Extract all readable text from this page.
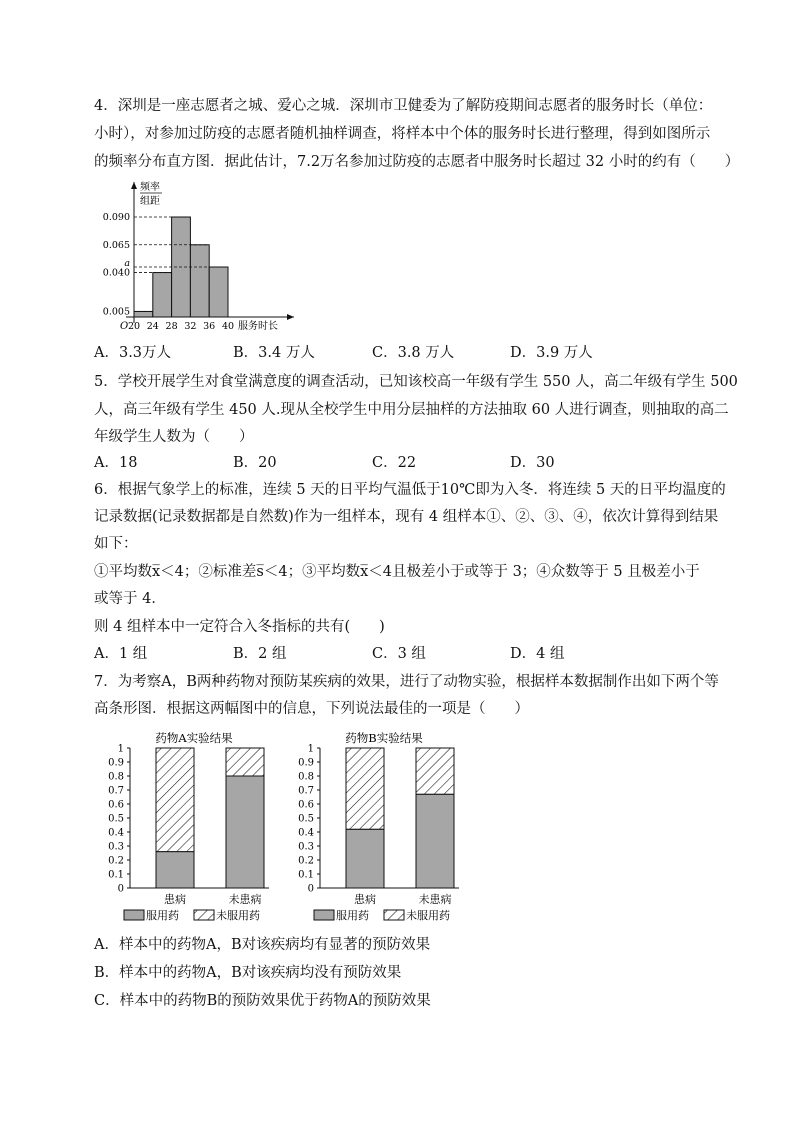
4．深圳是一座志愿者之城、爱心之城．深圳市卫健委为了解防疫期间志愿者的服务时长（单位：
小时），对参加过防疫的志愿者随机抽样调查，将样本中个体的服务时长进行整理，得到如图所示
的频率分布直方图．据此估计，7.2万名参加过防疫的志愿者中服务时长超过 32 小时的约有（　　）
0.005
0.040
0.065
0.090
a
频率
组距
O 20 24 28 32 36 40 服务时长
A．3.3万人	B．3.4 万人	C．3.8 万人	D．3.9 万人
5．学校开展学生对食堂满意度的调查活动，已知该校高一年级有学生 550 人，高二年级有学生 500
人，高三年级有学生 450 人.现从全校学生中用分层抽样的方法抽取 60 人进行调查，则抽取的高二
年级学生人数为（　　）
A．18	B．20	C．22	D．30
6．根据气象学上的标准，连续 5 天的日平均气温低于10℃即为入冬．将连续 5 天的日平均温度的
记录数据(记录数据都是自然数)作为一组样本，现有 4 组样本①、②、③、④，依次计算得到结果
如下：
①平均数x̅＜4；②标准差s̅＜4；③平均数x̅＜4且极差小于或等于 3；④众数等于 5 且极差小于
或等于 4．
则 4 组样本中一定符合入冬指标的共有(　　)
A．1 组	B．2 组	C．3 组	D．4 组
7．为考察A，B两种药物对预防某疾病的效果，进行了动物实验，根据样本数据制作出如下两个等
高条形图．根据这两幅图中的信息，下列说法最佳的一项是（　　）
药物A实验结果
0
0.1
0.2
0.3
0.4
0.5
0.6
0.7
0.8
0.9
1
患病	未患病
服用药	未服用药
药物B实验结果
0
0.1
0.2
0.3
0.4
0.5
0.6
0.7
0.8
0.9
1
患病	未患病
服用药	未服用药
A．样本中的药物A，B对该疾病均有显著的预防效果
B．样本中的药物A，B对该疾病均没有预防效果
C．样本中的药物B的预防效果优于药物A的预防效果
